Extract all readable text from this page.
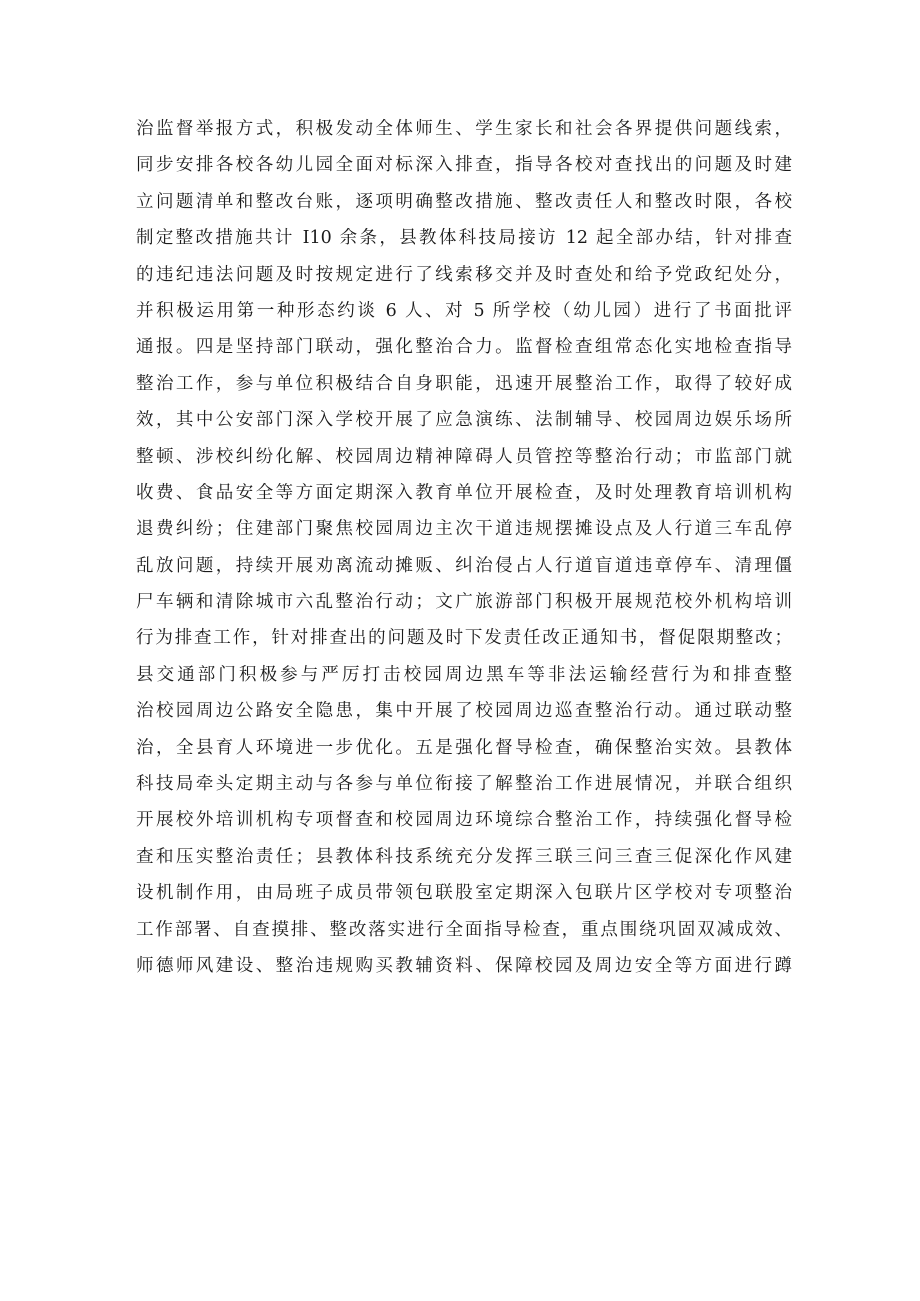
治监督举报方式，积极发动全体师生、学生家长和社会各界提供问题线索，
同步安排各校各幼儿园全面对标深入排查，指导各校对查找出的问题及时建
立问题清单和整改台账，逐项明确整改措施、整改责任人和整改时限，各校
制定整改措施共计 I10 余条，县教体科技局接访 12 起全部办结，针对排查
的违纪违法问题及时按规定进行了线索移交并及时查处和给予党政纪处分，
并积极运用第一种形态约谈 6 人、对 5 所学校（幼儿园）进行了书面批评
通报。四是坚持部门联动，强化整治合力。监督检查组常态化实地检查指导
整治工作，参与单位积极结合自身职能，迅速开展整治工作，取得了较好成
效，其中公安部门深入学校开展了应急演练、法制辅导、校园周边娱乐场所
整顿、涉校纠纷化解、校园周边精神障碍人员管控等整治行动；市监部门就
收费、食品安全等方面定期深入教育单位开展检查，及时处理教育培训机构
退费纠纷；住建部门聚焦校园周边主次干道违规摆摊设点及人行道三车乱停
乱放问题，持续开展劝离流动摊贩、纠治侵占人行道盲道违章停车、清理僵
尸车辆和清除城市六乱整治行动；文广旅游部门积极开展规范校外机构培训
行为排查工作，针对排查出的问题及时下发责任改正通知书，督促限期整改；
县交通部门积极参与严厉打击校园周边黑车等非法运输经营行为和排查整
治校园周边公路安全隐患，集中开展了校园周边巡查整治行动。通过联动整
治，全县育人环境进一步优化。五是强化督导检查，确保整治实效。县教体
科技局牵头定期主动与各参与单位衔接了解整治工作进展情况，并联合组织
开展校外培训机构专项督查和校园周边环境综合整治工作，持续强化督导检
查和压实整治责任；县教体科技系统充分发挥三联三问三查三促深化作风建
设机制作用，由局班子成员带领包联股室定期深入包联片区学校对专项整治
工作部署、自查摸排、整改落实进行全面指导检查，重点围绕巩固双减成效、
师德师风建设、整治违规购买教辅资料、保障校园及周边安全等方面进行蹲
